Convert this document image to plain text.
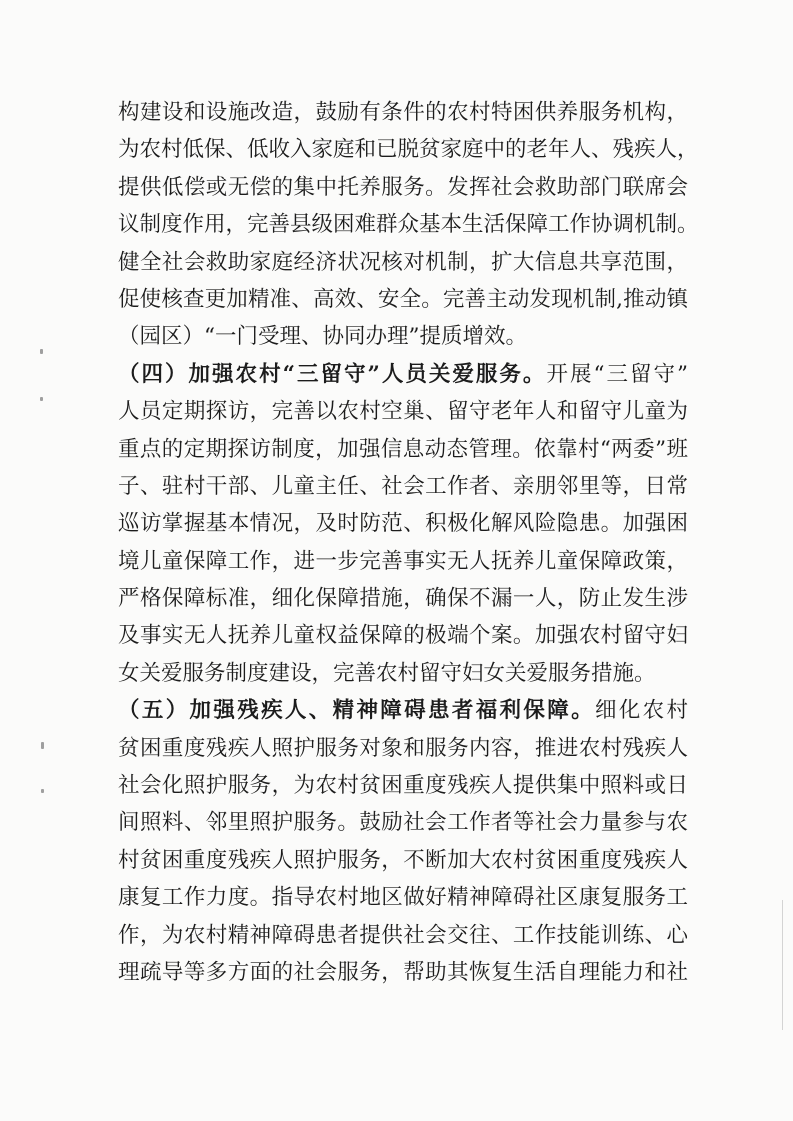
构建设和设施改造，鼓励有条件的农村特困供养服务机构，
为农村低保、低收入家庭和已脱贫家庭中的老年人、残疾人，
提供低偿或无偿的集中托养服务。发挥社会救助部门联席会
议制度作用，完善县级困难群众基本生活保障工作协调机制。
健全社会救助家庭经济状况核对机制，扩大信息共享范围，
促使核查更加精准、高效、安全。完善主动发现机制,推动镇
（园区）“一门受理、协同办理”提质增效。
（四）加强农村“三留守”人员关爱服务。开展“三留守”
人员定期探访，完善以农村空巢、留守老年人和留守儿童为
重点的定期探访制度，加强信息动态管理。依靠村“两委”班
子、驻村干部、儿童主任、社会工作者、亲朋邻里等，日常
巡访掌握基本情况，及时防范、积极化解风险隐患。加强困
境儿童保障工作，进一步完善事实无人抚养儿童保障政策，
严格保障标准，细化保障措施，确保不漏一人，防止发生涉
及事实无人抚养儿童权益保障的极端个案。加强农村留守妇
女关爱服务制度建设，完善农村留守妇女关爱服务措施。
（五）加强残疾人、精神障碍患者福利保障。细化农村
贫困重度残疾人照护服务对象和服务内容，推进农村残疾人
社会化照护服务，为农村贫困重度残疾人提供集中照料或日
间照料、邻里照护服务。鼓励社会工作者等社会力量参与农
村贫困重度残疾人照护服务，不断加大农村贫困重度残疾人
康复工作力度。指导农村地区做好精神障碍社区康复服务工
作，为农村精神障碍患者提供社会交往、工作技能训练、心
理疏导等多方面的社会服务，帮助其恢复生活自理能力和社
